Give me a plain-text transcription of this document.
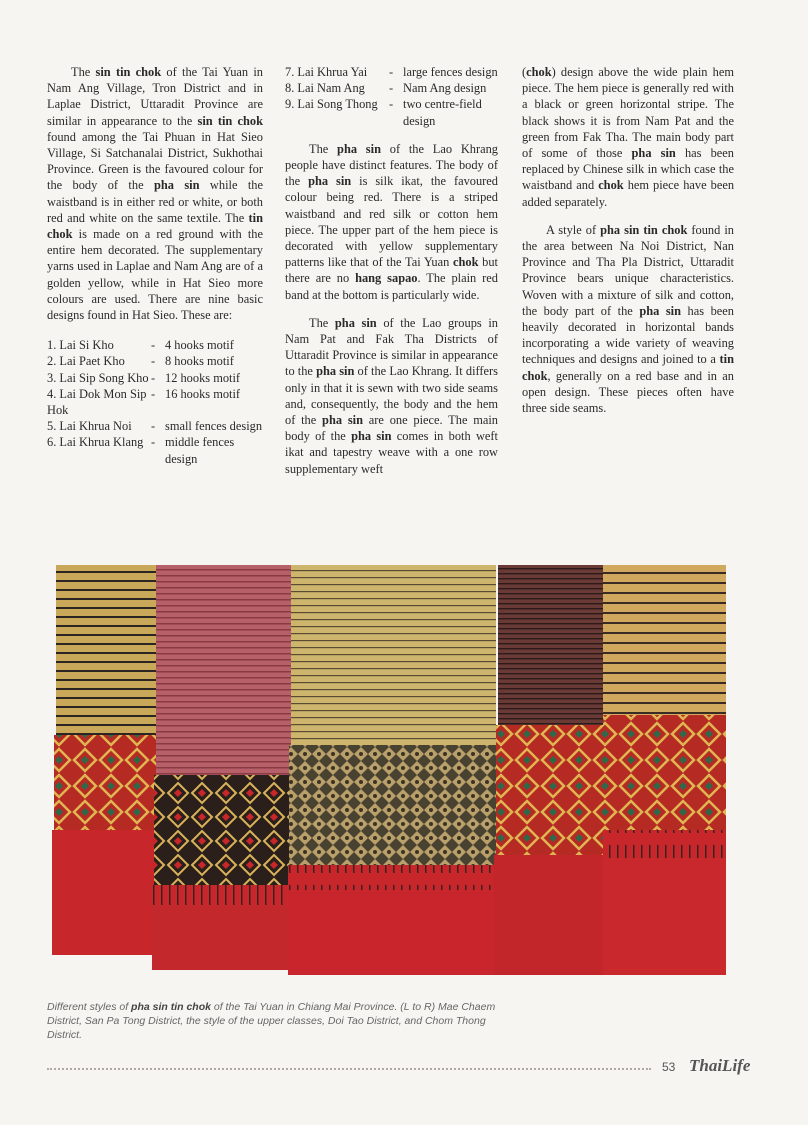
The sin tin chok of the Tai Yuan in Nam Ang Village, Tron District and in Laplae District, Uttaradit Province are similar in appearance to the sin tin chok found among the Tai Phuan in Hat Sieo Village, Si Satchanalai District, Sukhothai Province. Green is the favoured colour for the body of the pha sin while the waistband is in either red or white, or both red and white on the same textile. The tin chok is made on a red ground with the entire hem decorated. The supplementary yarns used in Laplae and Nam Ang are of a golden yellow, while in Hat Sieo more colours are used. There are nine basic designs found in Hat Sieo. These are:

1. Lai Si Kho	- 4 hooks motif
2. Lai Paet Kho	- 8 hooks motif
3. Lai Sip Song Kho - 12 hooks motif
4. Lai Dok Mon Sip Hok
- 16 hooks motif
5. Lai Khrua Noi	- small fences design
6. Lai Khrua Klang - middle fences design
7. Lai Khrua Yai	- large fences design
8. Lai Nam Ang	- Nam Ang design
9. Lai Song Thong - two centre-field design

The pha sin of the Lao Khrang people have distinct features. The body of the pha sin is silk ikat, the favoured colour being red. There is a striped waistband and red silk or cotton hem piece. The upper part of the hem piece is decorated with yellow supplementary patterns like that of the Tai Yuan chok but there are no hang sapao. The plain red band at the bottom is particularly wide.

The pha sin of the Lao groups in Nam Pat and Fak Tha Districts of Uttaradit Province is similar in appearance to the pha sin of the Lao Khrang. It differs only in that it is sewn with two side seams and, consequently, the body and the hem of the pha sin are one piece. The main body of the pha sin comes in both weft ikat and tapestry weave with a one row supplementary weft

(chok) design above the wide plain hem piece. The hem piece is generally red with a black or green horizontal stripe. The black shows it is from Nam Pat and the green from Fak Tha. The main body part of some of those pha sin has been replaced by Chinese silk in which case the waistband and chok hem piece have been added separately.

A style of pha sin tin chok found in the area between Na Noi District, Nan Province and Tha Pla District, Uttaradit Province bears unique characteristics. Woven with a mixture of silk and cotton, the body part of the pha sin has been heavily decorated in horizontal bands incorporating a wide variety of weaving techniques and designs and joined to a tin chok, generally on a red base and in an open design. These pieces often have three side seams.

Different styles of pha sin tin chok of the Tai Yuan in Chiang Mai Province. (L to R) Mae Chaem District, San Pa Tong District, the style of the upper classes, Doi Tao District, and Chom Thong District.
53 ThaiLife
